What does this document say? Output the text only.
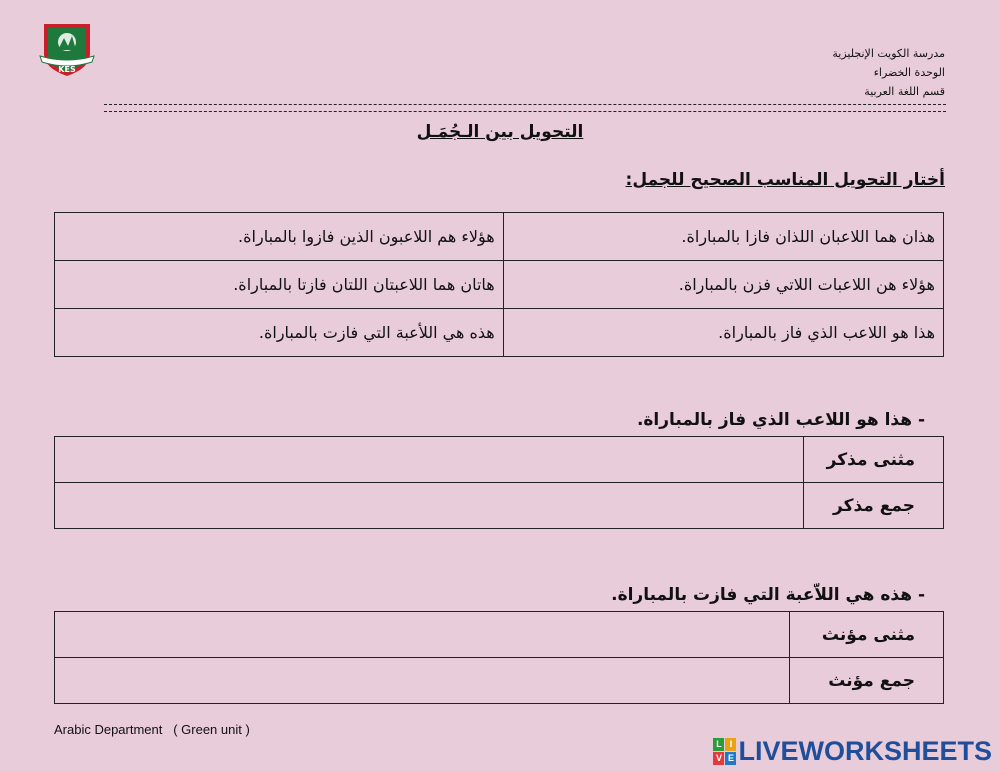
KES
مدرسة الكويت الإنجليزية
الوحدة الخضراء
قسم اللغة العربية
التحويل بين الـجُمَـل
أختار التحويل المناسب الصحيح للجمل:
هذان هما اللاعبان اللذان فازا بالمباراة.	هؤلاء هم اللاعبون الذين فازوا بالمباراة.
هؤلاء هن اللاعبات اللاتي فزن بالمباراة.	هاتان هما اللاعبتان اللتان فازتا بالمباراة.
هذا هو اللاعب الذي فاز بالمباراة.	هذه هي اللأعبة التي فازت بالمباراة.
- هذا هو اللاعب الذي فاز بالمباراة.
	مثنى مذكر
	جمع مذكر
- هذه هي اللاّعبة التي فازت بالمباراة.
	مثنى مؤنث
	جمع مؤنث
Arabic Department   ( Green unit )
L I
V E LIVEWORKSHEETS
